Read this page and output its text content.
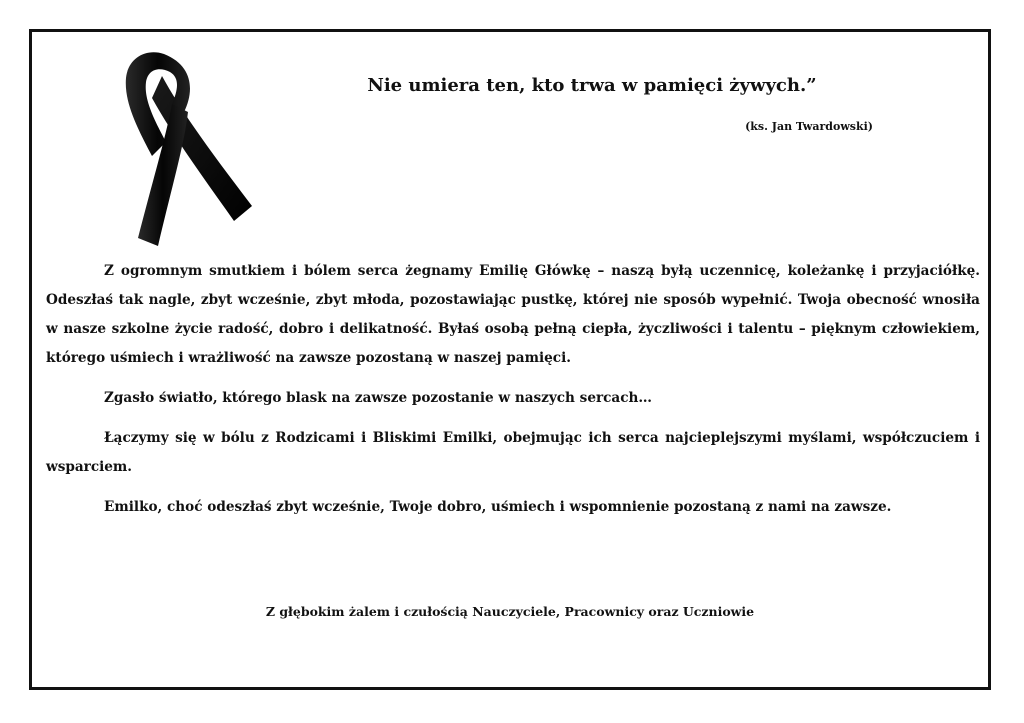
Nie umiera ten, kto trwa w pamięci żywych.”
(ks. Jan Twardowski)

Z ogromnym smutkiem i bólem serca żegnamy Emilię Główkę – naszą byłą uczennicę, koleżankę i przyjaciółkę. Odeszłaś tak nagle, zbyt wcześnie, zbyt młoda, pozostawiając pustkę, której nie sposób wypełnić. Twoja obecność wnosiła w nasze szkolne życie radość, dobro i delikatność. Byłaś osobą pełną ciepła, życzliwości i talentu – pięknym człowiekiem, którego uśmiech i wrażliwość na zawsze pozostaną w naszej pamięci.

Zgasło światło, którego blask na zawsze pozostanie w naszych sercach…

Łączymy się w bólu z Rodzicami i Bliskimi Emilki, obejmując ich serca najcieplejszymi myślami, współczuciem i wsparciem.

Emilko, choć odeszłaś zbyt wcześnie, Twoje dobro, uśmiech i wspomnienie pozostaną z nami na zawsze.

Z głębokim żalem i czułością Nauczyciele, Pracownicy oraz Uczniowie
